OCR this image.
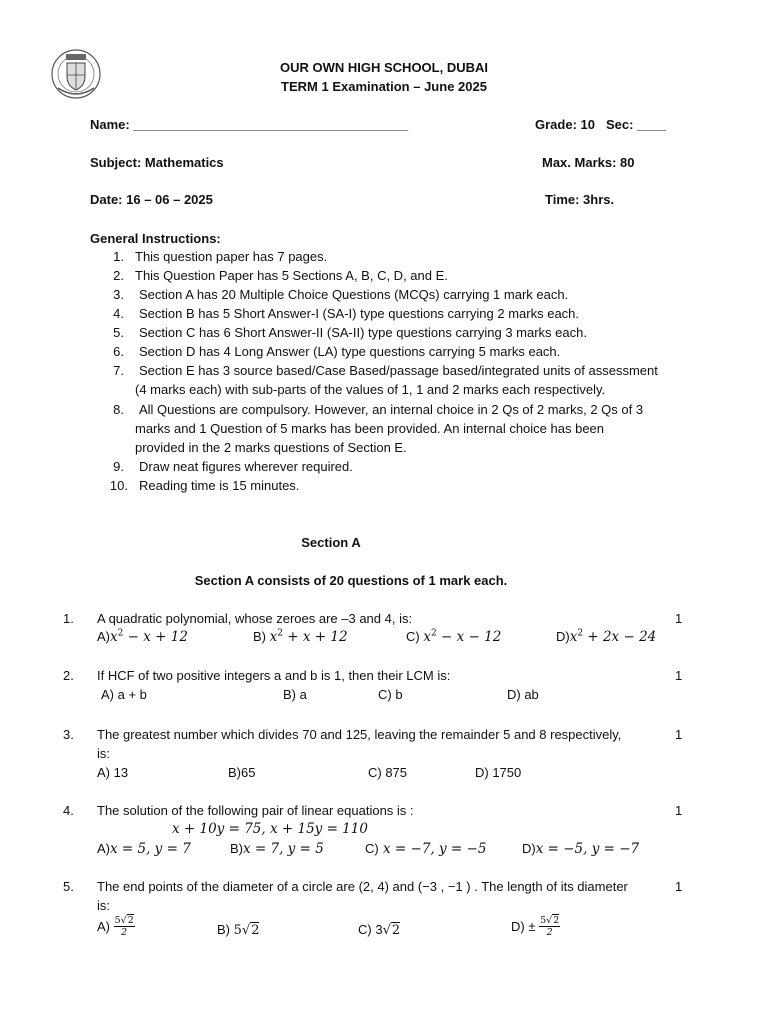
OUR OWN HIGH SCHOOL, DUBAI
TERM 1 Examination – June 2025
Name: ______________________________________	Grade: 10 Sec: ____
Subject: Mathematics	Max. Marks: 80
Date: 16 – 06 – 2025	Time: 3hrs.
General Instructions:
1. This question paper has 7 pages.
2. This Question Paper has 5 Sections A, B, C, D, and E.
3. Section A has 20 Multiple Choice Questions (MCQs) carrying 1 mark each.
4. Section B has 5 Short Answer-I (SA-I) type questions carrying 2 marks each.
5. Section C has 6 Short Answer-II (SA-II) type questions carrying 3 marks each.
6. Section D has 4 Long Answer (LA) type questions carrying 5 marks each.
7. Section E has 3 source based/Case Based/passage based/integrated units of assessment
(4 marks each) with sub-parts of the values of 1, 1 and 2 marks each respectively.
8. All Questions are compulsory. However, an internal choice in 2 Qs of 2 marks, 2 Qs of 3
marks and 1 Question of 5 marks has been provided. An internal choice has been
provided in the 2 marks questions of Section E.
9. Draw neat figures wherever required.
10. Reading time is 15 minutes.
Section A
Section A consists of 20 questions of 1 mark each.
1. A quadratic polynomial, whose zeroes are –3 and 4, is:	1
$A)x^2 - x + 12$	B) $x^2 + x + 12$	C) $x^2 - x - 12$	$D)x^2 + 2x - 24$
2. If HCF of two positive integers a and b is 1, then their LCM is:	1
A) a + b	B) a	C) b	D) ab
3. The greatest number which divides 70 and 125, leaving the remainder 5 and 8 respectively,	1
is:
A) 13	B)65	C) 875	D) 1750
4. The solution of the following pair of linear equations is :	1
x + 10y = 75, x + 15y = 110
A)x = 5, y = 7	B)x = 7, y = 5	C) x = −7, y = −5	D)x = −5, y = −7
5. The end points of the diameter of a circle are (2, 4) and (−3 , −1 ) . The length of its diameter	1
is:
$A) \frac{5√2}{2}$	B) 5√2	C) 3√2	$D) \pm \frac{5√2}{2}$
